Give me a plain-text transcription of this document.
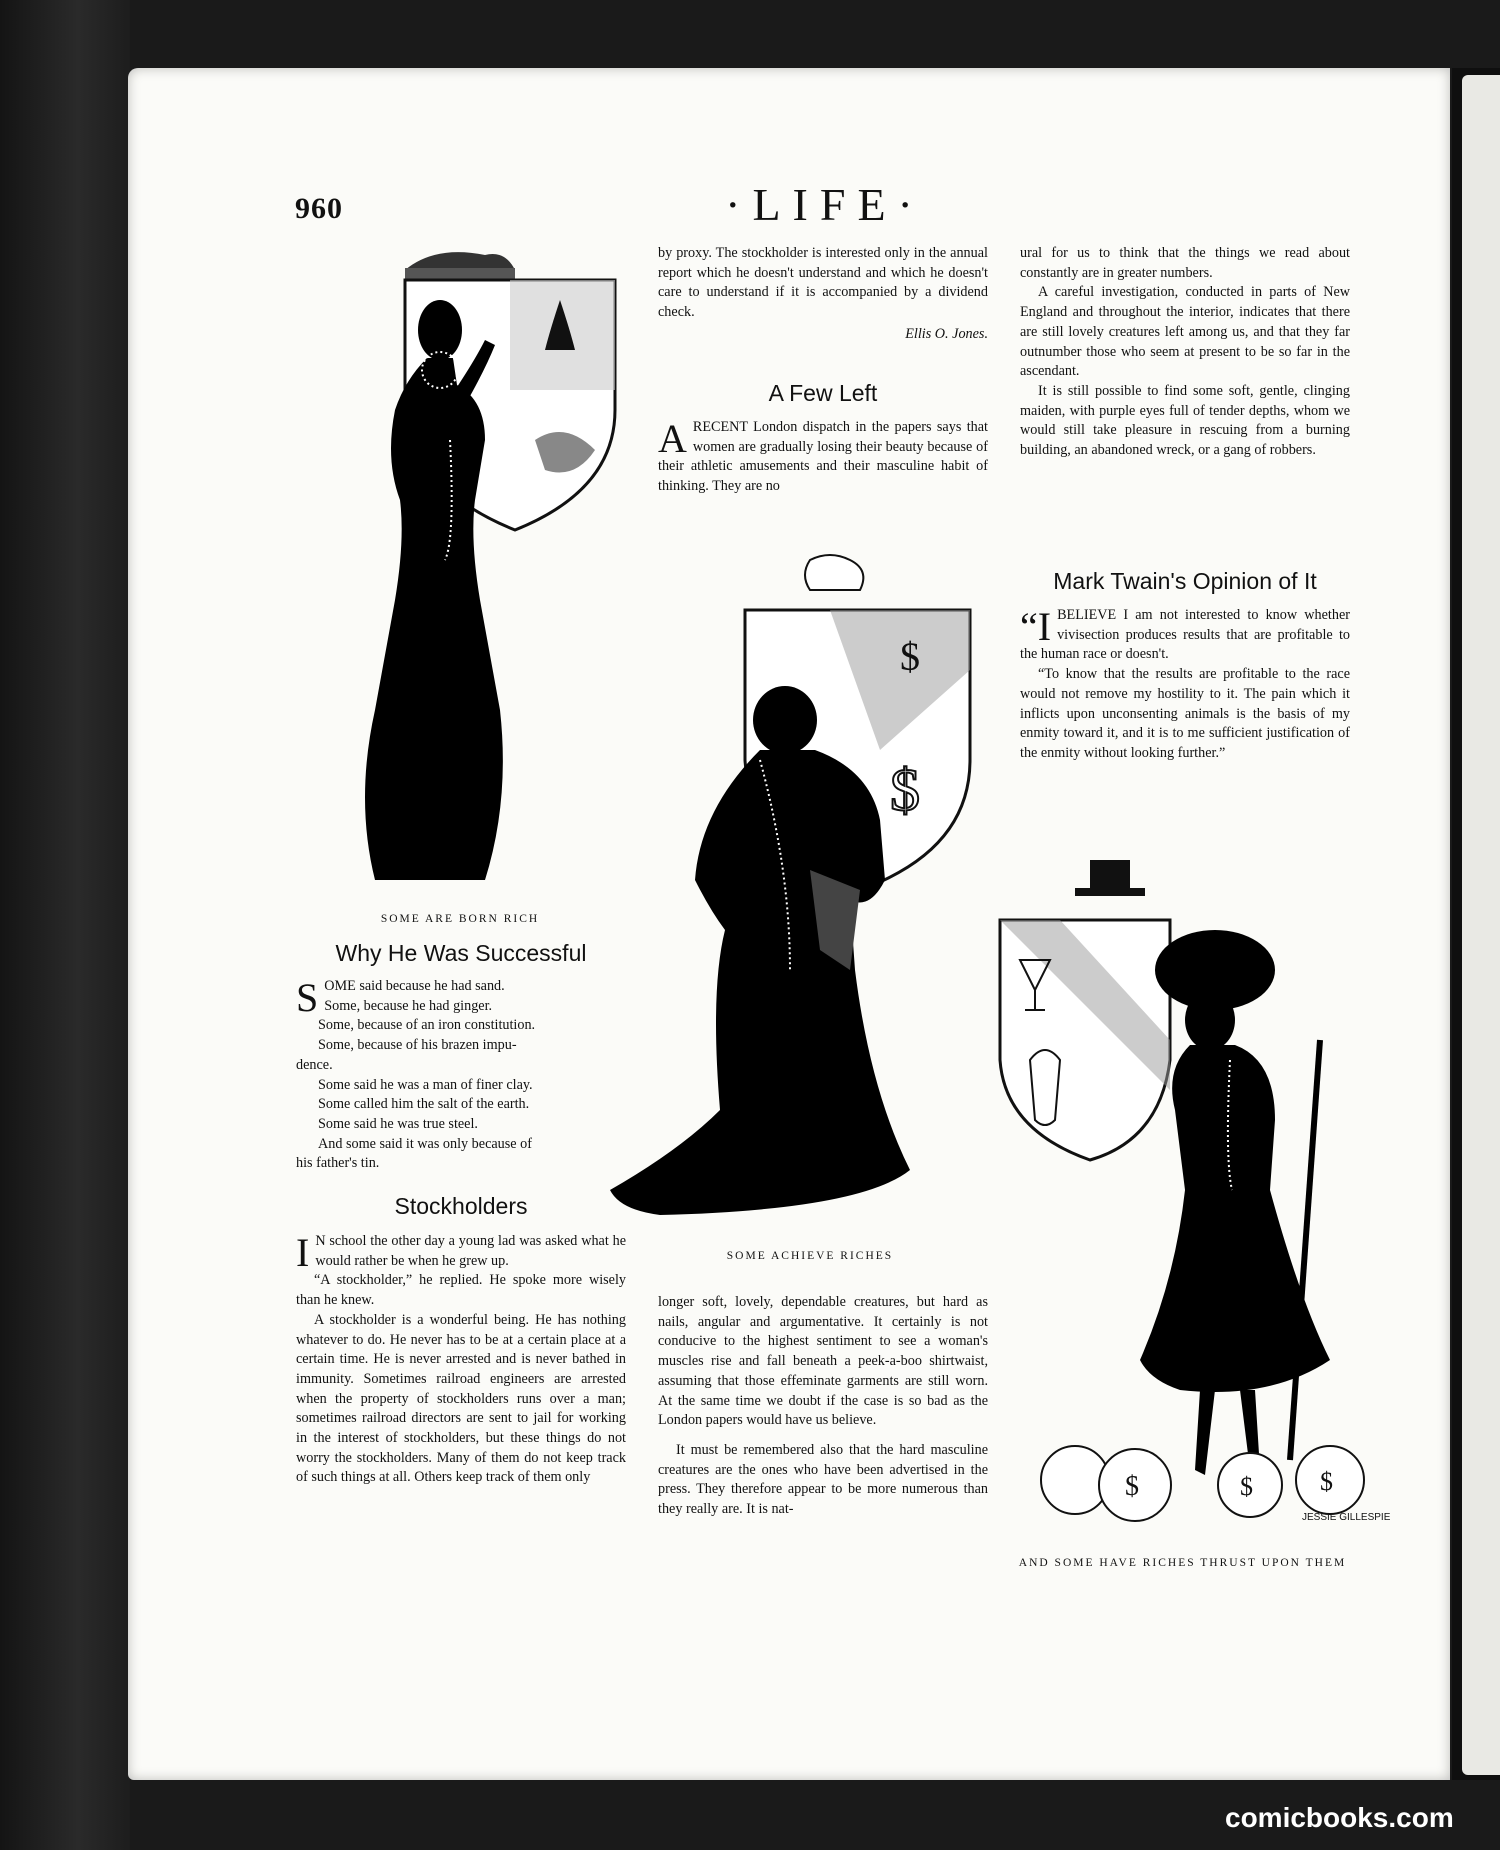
960	·LIFE·
SOME ARE BORN RICH
Why He Was Successful
S OME said because he had sand.

Some, because he had ginger.

Some, because of an iron constitution.

Some, because of his brazen impu-

dence.

Some said he was a man of finer clay.

Some called him the salt of the earth.

Some said he was true steel.

And some said it was only because of

his father's tin.

Stockholders

I N school the other day a young lad was asked what he would rather be when he grew up.

“A stockholder,” he replied. He spoke more wisely than he knew.

A stockholder is a wonderful being. He has nothing whatever to do. He never has to be at a certain place at a certain time. He is never arrested and is never bathed in immunity. Sometimes railroad engineers are arrested when the property of stockholders runs over a man; sometimes railroad directors are sent to jail for working in the interest of stockholders, but these things do not worry the stockholders. Many of them do not keep track of such things at all. Others keep track of them only

by proxy. The stockholder is interested only in the annual report which he doesn't understand and which he doesn't care to understand if it is accompanied by a dividend check.

Ellis O. Jones.
A Few Left

ARECENT London dispatch in the papers says that women are gradually losing their beauty because of their athletic amusements and their masculine habit of thinking. They are no

$
$
SOME ACHIEVE RICHES

longer soft, lovely, dependable creatures, but hard as nails, angular and argumentative. It certainly is not conducive to the highest sentiment to see a woman's muscles rise and fall beneath a peek-a-boo shirtwaist, assuming that those effeminate garments are still worn. At the same time we doubt if the case is so bad as the London papers would have us believe.

It must be remembered also that the hard masculine creatures are the ones who have been advertised in the press. They therefore appear to be more numerous than they really are. It is nat-

ural for us to think that the things we read about constantly are in greater numbers.

A careful investigation, conducted in parts of New England and throughout the interior, indicates that there are still lovely creatures left among us, and that they far outnumber those who seem at present to be so far in the ascendant.

It is still possible to find some soft, gentle, clinging maiden, with purple eyes full of tender depths, whom we would still take pleasure in rescuing from a burning building, an abandoned wreck, or a gang of robbers.

Mark Twain's Opinion of It

“IBELIEVE I am not interested to know whether vivisection produces results that are profitable to the human race or doesn't.

“To know that the results are profitable to the race would not remove my hostility to it. The pain which it inflicts upon unconsenting animals is the basis of my enmity toward it, and it is to me sufficient justification of the enmity without looking further.”

$	$	$
JESSIE GILLESPIE
AND SOME HAVE RICHES THRUST UPON THEM
comicbooks.com
